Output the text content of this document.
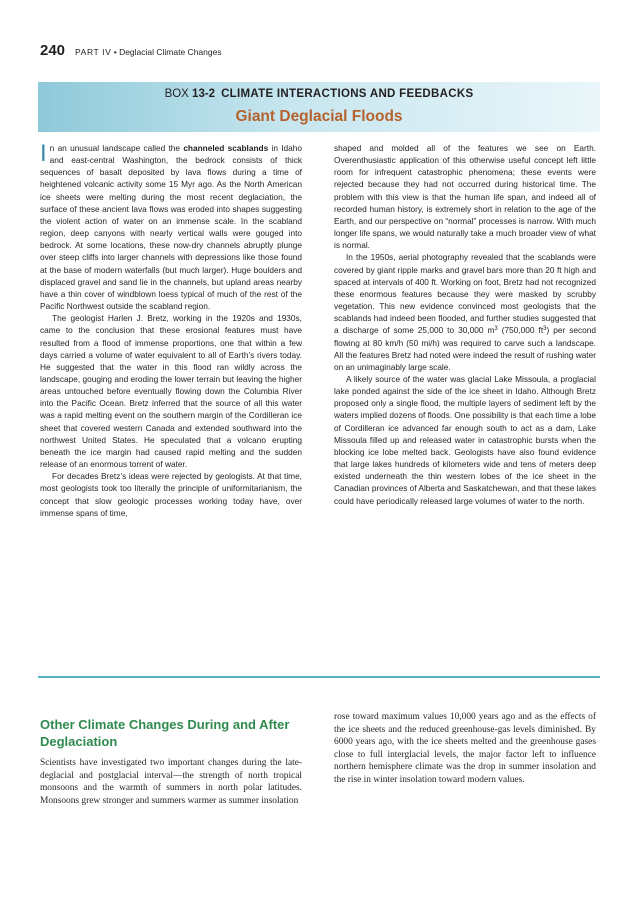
240 PART IV • Deglacial Climate Changes
BOX 13-2 CLIMATE INTERACTIONS AND FEEDBACKS
Giant Deglacial Floods

In an unusual landscape called the channeled scablands in Idaho and east-central Washington, the bedrock consists of thick sequences of basalt deposited by lava flows during a time of heightened volcanic activity some 15 Myr ago. As the North American ice sheets were melting during the most recent deglaciation, the surface of these ancient lava flows was eroded into shapes suggesting the violent action of water on an immense scale. In the scabland region, deep canyons with nearly vertical walls were gouged into bedrock. At some locations, these now-dry channels abruptly plunge over steep cliffs into larger channels with depressions like those found at the base of modern waterfalls (but much larger). Huge boulders and displaced gravel and sand lie in the channels, but upland areas nearby have a thin cover of windblown loess typical of much of the rest of the Pacific Northwest outside the scabland region.

The geologist Harlen J. Bretz, working in the 1920s and 1930s, came to the conclusion that these erosional features must have resulted from a flood of immense proportions, one that within a few days carried a volume of water equivalent to all of Earth’s rivers today. He suggested that the water in this flood ran wildly across the landscape, gouging and eroding the lower terrain but leaving the higher areas untouched before eventually flowing down the Columbia River into the Pacific Ocean. Bretz inferred that the source of all this water was a rapid melting event on the southern margin of the Cordilleran ice sheet that covered western Canada and extended southward into the northwest United States. He speculated that a volcano erupting beneath the ice margin had caused rapid melting and the sudden release of an enormous torrent of water.

For decades Bretz’s ideas were rejected by geologists. At that time, most geologists took too literally the principle of uniformitarianism, the concept that slow geologic processes working today have, over immense spans of time,

shaped and molded all of the features we see on Earth. Overenthusiastic application of this otherwise useful concept left little room for infrequent catastrophic phenomena; these events were rejected because they had not occurred during historical time. The problem with this view is that the human life span, and indeed all of recorded human history, is extremely short in relation to the age of the Earth, and our perspective on “normal” processes is narrow. With much longer life spans, we would naturally take a much broader view of what is normal.

In the 1950s, aerial photography revealed that the scablands were covered by giant ripple marks and gravel bars more than 20 ft high and spaced at intervals of 400 ft. Working on foot, Bretz had not recognized these enormous features because they were masked by scrubby vegetation. This new evidence convinced most geologists that the scablands had indeed been flooded, and further studies suggested that a discharge of some 25,000 to 30,000 $m^3$ (750,000 $ft^3$) per second flowing at 80 km/h (50 mi/h) was required to carve such a landscape. All the features Bretz had noted were indeed the result of rushing water on an unimaginably large scale.

A likely source of the water was glacial Lake Missoula, a proglacial lake ponded against the side of the ice sheet in Idaho. Although Bretz proposed only a single flood, the multiple layers of sediment left by the waters implied dozens of floods. One possibility is that each time a lobe of Cordilleran ice advanced far enough south to act as a dam, Lake Missoula filled up and released water in catastrophic bursts when the blocking ice lobe melted back. Geologists have also found evidence that large lakes hundreds of kilometers wide and tens of meters deep existed underneath the thin western lobes of the ice sheet in the Canadian provinces of Alberta and Saskatchewan, and that these lakes could have periodically released large volumes of water to the north.

Other Climate Changes During and After Deglaciation

Scientists have investigated two important changes during the late-deglacial and postglacial interval—the strength of north tropical monsoons and the warmth of summers in north polar latitudes. Monsoons grew stronger and summers warmer as summer insolation

rose toward maximum values 10,000 years ago and as the effects of the ice sheets and the reduced greenhouse-gas levels diminished. By 6000 years ago, with the ice sheets melted and the greenhouse gases close to full interglacial levels, the major factor left to influence northern hemisphere climate was the drop in summer insolation and the rise in winter insolation toward modern values.
